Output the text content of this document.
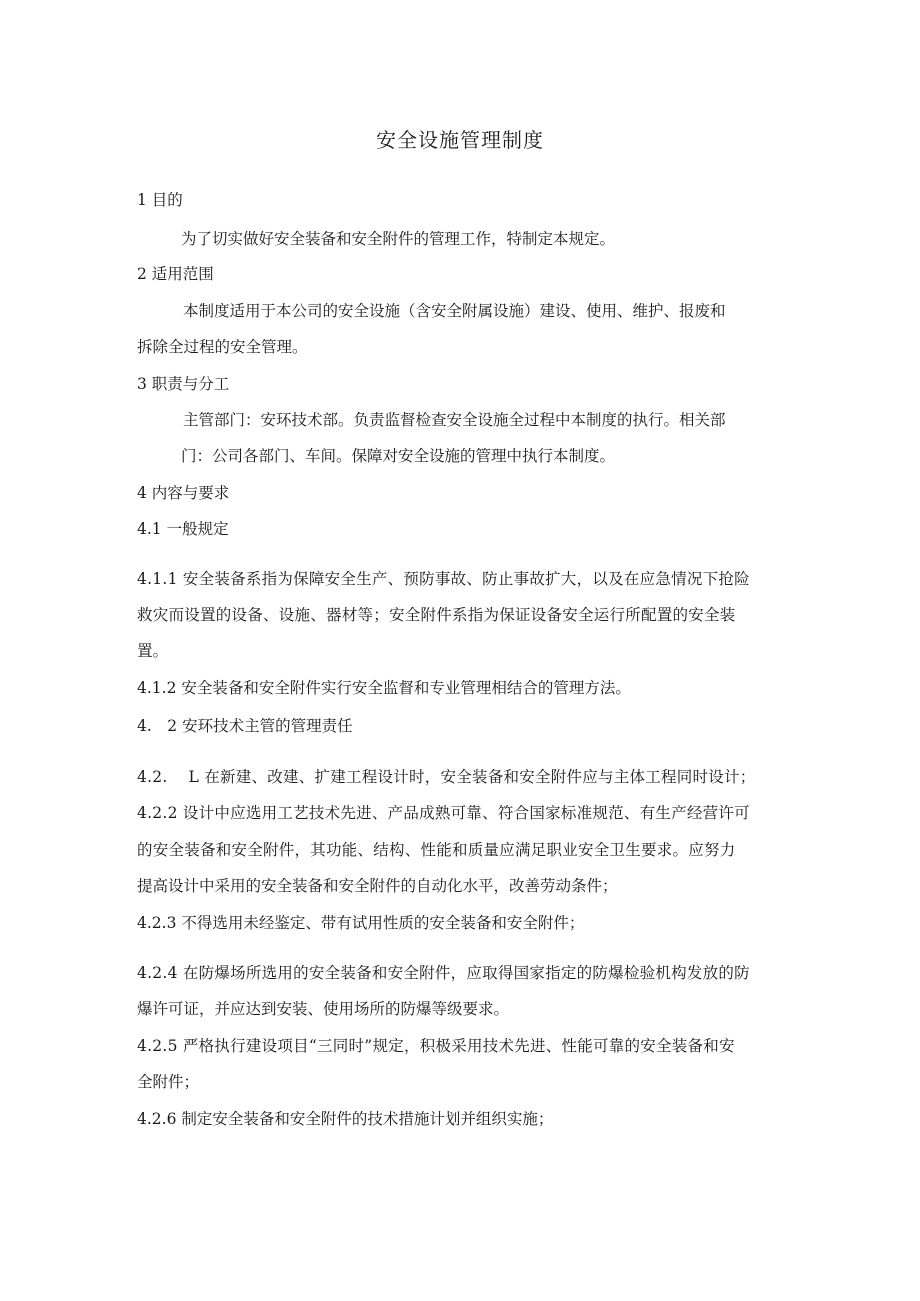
安全设施管理制度
1 目的
为了切实做好安全装备和安全附件的管理工作，特制定本规定。
2 适用范围
本制度适用于本公司的安全设施（含安全附属设施）建设、使用、维护、报废和
拆除全过程的安全管理。
3 职责与分工
主管部门：安环技术部。负责监督检查安全设施全过程中本制度的执行。相关部
门：公司各部门、车间。保障对安全设施的管理中执行本制度。
4 内容与要求
4.1 一般规定
4.1.1 安全装备系指为保障安全生产、预防事故、防止事故扩大，以及在应急情况下抢险
救灾而设置的设备、设施、器材等；安全附件系指为保证设备安全运行所配置的安全装
置。
4.1.2 安全装备和安全附件实行安全监督和专业管理相结合的管理方法。
4.　2 安环技术主管的管理责任
4.2.　 L 在新建、改建、扩建工程设计时，安全装备和安全附件应与主体工程同时设计；
4.2.2 设计中应选用工艺技术先进、产品成熟可靠、符合国家标准规范、有生产经营许可
的安全装备和安全附件，其功能、结构、性能和质量应满足职业安全卫生要求。应努力
提高设计中采用的安全装备和安全附件的自动化水平，改善劳动条件；
4.2.3 不得选用未经鉴定、带有试用性质的安全装备和安全附件；
4.2.4 在防爆场所选用的安全装备和安全附件，应取得国家指定的防爆检验机构发放的防
爆许可证，并应达到安装、使用场所的防爆等级要求。
4.2.5 严格执行建设项目“三同时”规定，积极采用技术先进、性能可靠的安全装备和安
全附件；
4.2.6 制定安全装备和安全附件的技术措施计划并组织实施；
